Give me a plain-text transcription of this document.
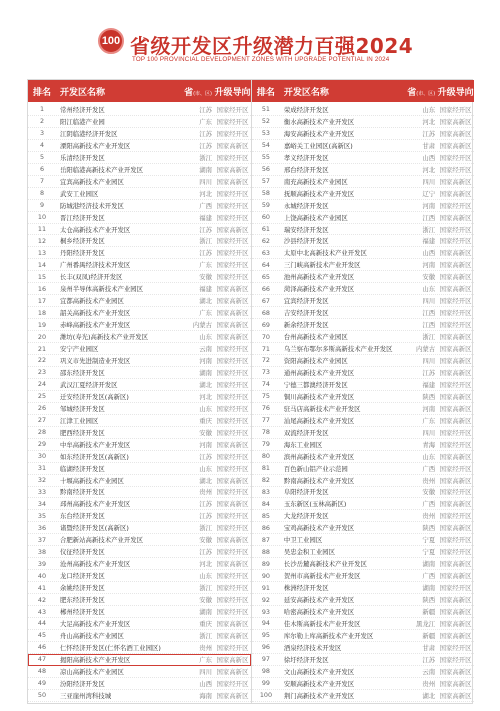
100 省级开发区升级潜力百强2024
TOP 100 PROVINCIAL DEVELOPMENT ZONES WITH UPGRADE POTENTIAL IN 2024
排名	开发区名称	省(市、区) 升级导向
1	常州经济开发区	江苏 国家经开区
2	阳江临港产业园	广东 国家经开区
3	江阴临港经济开发区	江苏 国家经开区
4	溧阳高新技术产业开发区	江苏 国家高新区
5	乐清经济开发区	浙江 国家经开区
6	岳阳临港高新技术产业开发区	湖南 国家高新区
7	宜宾高新技术产业园区	四川 国家高新区
8	武安工业园区	河北 国家经开区
9	防城港经济技术开发区	广西 国家经开区
10	晋江经济开发区	福建 国家经开区
11	太仓高新技术产业开发区	江苏 国家高新区
12	桐乡经济开发区	浙江 国家经开区
13	丹阳经济开发区	江苏 国家经开区
14	广州番禺经济技术开发区	广东 国家经开区
15	长丰(双凤)经济开发区	安徽 国家经开区
16	泉州半导体高新技术产业园区	福建 国家高新区
17	宜都高新技术产业园区	湖北 国家高新区
18	韶关高新技术产业开发区	广东 国家高新区
19	赤峰高新技术产业开发区	内蒙古 国家高新区
20	潍坊(寿光)高新技术产业开发区	山东 国家高新区
21	安宁产业园区	云南 国家经开区
22	巩义市先进制造业开发区	河南 国家经开区
23	邵东经济开发区	湖南 国家经开区
24	武汉江夏经济开发区	湖北 国家经开区
25	迁安经济开发区(高新区)	河北 国家经开区
26	邹城经济开发区	山东 国家经开区
27	江津工业园区	重庆 国家经开区
28	肥西经济开发区	安徽 国家经开区
29	中牟高新技术产业开发区	河南 国家高新区
30	如东经济开发区(高新区)	江苏 国家经开区
31	临湖经济开发区	山东 国家经开区
32	十堰高新技术产业园区	湖北 国家高新区
33	黔南经济开发区	贵州 国家经开区
34	邳州高新技术产业开发区	江苏 国家高新区
35	东台经济开发区	江苏 国家经开区
36	诸暨经济开发区(高新区)	浙江 国家经开区
37	合肥新站高新技术产业开发区	安徽 国家高新区
38	仪征经济开发区	江苏 国家经开区
39	沧州高新技术产业开发区	河北 国家高新区
40	龙口经济开发区	山东 国家经开区
41	余姚经济开发区	浙江 国家经开区
42	肥东经济开发区	安徽 国家经开区
43	郴州经济开发区	湖南 国家经开区
44	大足高新技术产业开发区	重庆 国家高新区
45	舟山高新技术产业园区	浙江 国家高新区
46	仁怀经济开发区(仁怀名酒工业园区)	贵州 国家经开区
47	揭阳高新技术产业开发区	广东 国家高新区
48	凉山高新技术产业园区	四川 国家高新区
49	汾阳经济开发区	山西 国家经开区
50	三亚崖州湾科技城	海南 国家高新区
排名 开发区名称	省(市、区) 升级导向
51	荣成经济开发区	山东 国家经开区
52	衡水高新技术产业开发区	河北 国家高新区
53	海安高新技术产业开发区	江苏 国家高新区
54	嘉峪关工业园区(高新区)	甘肃 国家高新区
55	孝义经济开发区	山西 国家经开区
56	邢台经济开发区	河北 国家经开区
57	南充高新技术产业园区	四川 国家高新区
58	抚顺高新技术产业开发区	辽宁 国家高新区
59	永城经济开发区	河南 国家经开区
60	上饶高新技术产业园区	江西 国家高新区
61	瑞安经济开发区	浙江 国家经开区
62	沙县经济开发区	福建 国家经开区
63	太原中北高新技术产业开发区	山西 国家高新区
64	三门峡高新技术产业开发区	河南 国家高新区
65	池州高新技术产业开发区	安徽 国家高新区
66	菏泽高新技术产业开发区	山东 国家高新区
67	宜宾经济开发区	四川 国家经开区
68	吉安经济开发区	江西 国家经开区
69	新余经济开发区	江西 国家经开区
70	台州高新技术产业园区	浙江 国家高新区
71	乌兰察布鄂尔多斯高新技术产业开发区	内蒙古 国家高新区
72	资阳高新技术产业园区	四川 国家高新区
73	通州高新技术产业开发区	江苏 国家高新区
74	宁德三都澳经济开发区	福建 国家经开区
75	铜川高新技术产业开发区	陕西 国家高新区
76	驻马店高新技术产业开发区	河南 国家高新区
77	汕尾高新技术产业开发区	广东 国家高新区
78	双流经济开发区	四川 国家经开区
79	海东工业园区	青海 国家经开区
80	滨州高新技术产业开发区	山东 国家高新区
81	百色新山铝产业示范园	广西 国家经开区
82	黔南高新技术产业开发区	贵州 国家高新区
83	阜阳经济开发区	安徽 国家经开区
84	玉东新区(玉林高新区)	广西 国家高新区
85	大龙经济开发区	贵州 国家经开区
86	宝鸡高新技术产业开发区	陕西 国家高新区
87	中卫工业园区	宁夏 国家经开区
88	吴忠金积工业园区	宁夏 国家经开区
89	长沙岳麓高新技术产业开发区	湖南 国家高新区
90	贺州市高新技术产业开发区	广西 国家高新区
91	株洲经济开发区	湖南 国家经开区
92	延安高新技术产业开发区	陕西 国家高新区
93	哈密高新技术产业开发区	新疆 国家高新区
94	佳木斯高新技术产业开发区	黑龙江 国家高新区
95	库尔勒上库高新技术产业开发区	新疆 国家高新区
96	酒泉经济技术开发区	甘肃 国家经开区
97	徐圩经济开发区	江苏 国家经开区
98	文山高新技术产业开发区	云南 国家高新区
99	安顺高新技术产业开发区	贵州 国家高新区
100	荆门高新技术产业开发区	湖北 国家高新区
